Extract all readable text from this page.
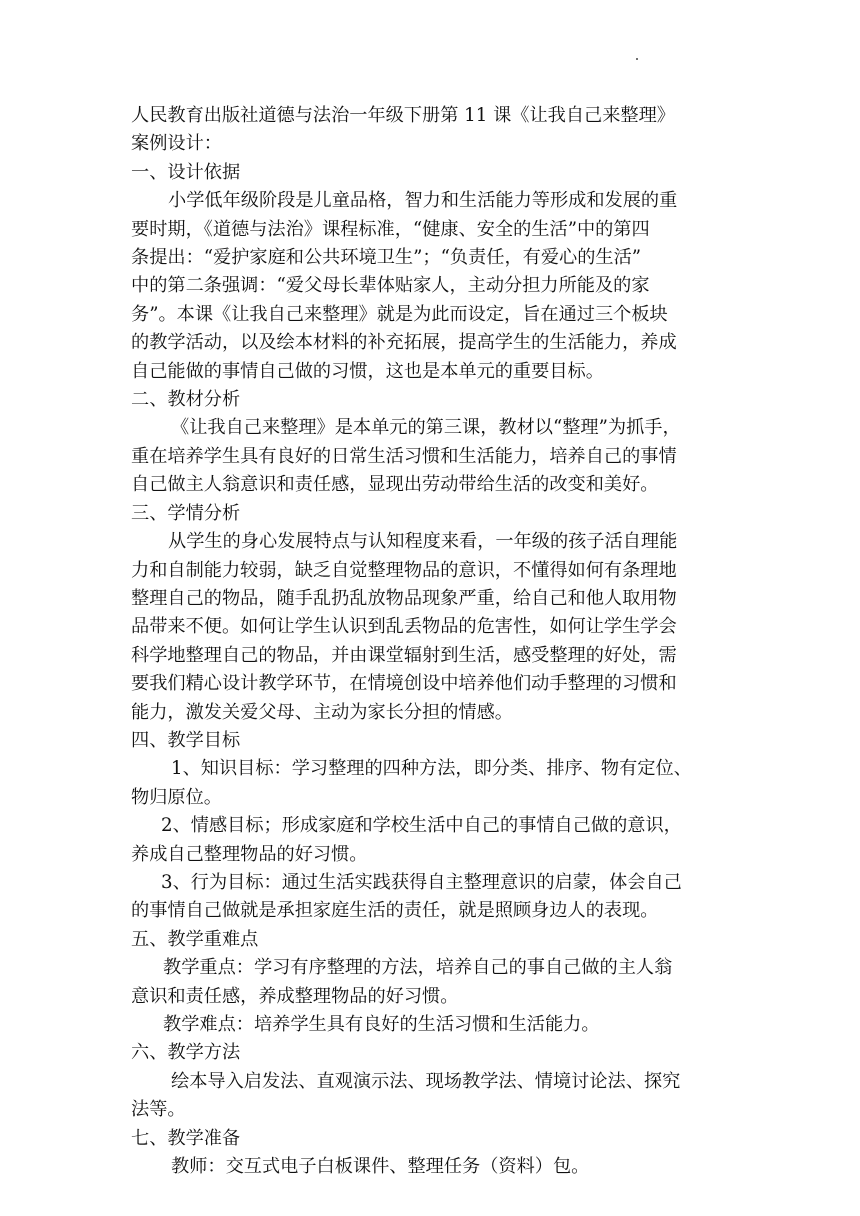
人民教育出版社道德与法治一年级下册第 11 课《让我自己来整理》
案例设计：
一、设计依据
小学低年级阶段是儿童品格，智力和生活能力等形成和发展的重
要时期，《道德与法治》课程标准，“健康、安全的生活”中的第四
条提出：“爱护家庭和公共环境卫生”；“负责任，有爱心的生活”
中的第二条强调：“爱父母长辈体贴家人，主动分担力所能及的家
务”。本课《让我自己来整理》就是为此而设定，旨在通过三个板块
的教学活动，以及绘本材料的补充拓展，提高学生的生活能力，养成
自己能做的事情自己做的习惯，这也是本单元的重要目标。
二、教材分析
《让我自己来整理》是本单元的第三课，教材以“整理”为抓手，
重在培养学生具有良好的日常生活习惯和生活能力，培养自己的事情
自己做主人翁意识和责任感，显现出劳动带给生活的改变和美好。
三、学情分析
从学生的身心发展特点与认知程度来看，一年级的孩子活自理能
力和自制能力较弱，缺乏自觉整理物品的意识，不懂得如何有条理地
整理自己的物品，随手乱扔乱放物品现象严重，给自己和他人取用物
品带来不便。如何让学生认识到乱丢物品的危害性，如何让学生学会
科学地整理自己的物品，并由课堂辐射到生活，感受整理的好处，需
要我们精心设计教学环节，在情境创设中培养他们动手整理的习惯和
能力，激发关爱父母、主动为家长分担的情感。
四、教学目标
1、知识目标：学习整理的四种方法，即分类、排序、物有定位、
物归原位。
2、情感目标；形成家庭和学校生活中自己的事情自己做的意识，
养成自己整理物品的好习惯。
3、行为目标：通过生活实践获得自主整理意识的启蒙，体会自己
的事情自己做就是承担家庭生活的责任，就是照顾身边人的表现。
五、教学重难点
教学重点：学习有序整理的方法，培养自己的事自己做的主人翁
意识和责任感，养成整理物品的好习惯。
教学难点：培养学生具有良好的生活习惯和生活能力。
六、教学方法
绘本导入启发法、直观演示法、现场教学法、情境讨论法、探究
法等。
七、教学准备
教师：交互式电子白板课件、整理任务（资料）包。
